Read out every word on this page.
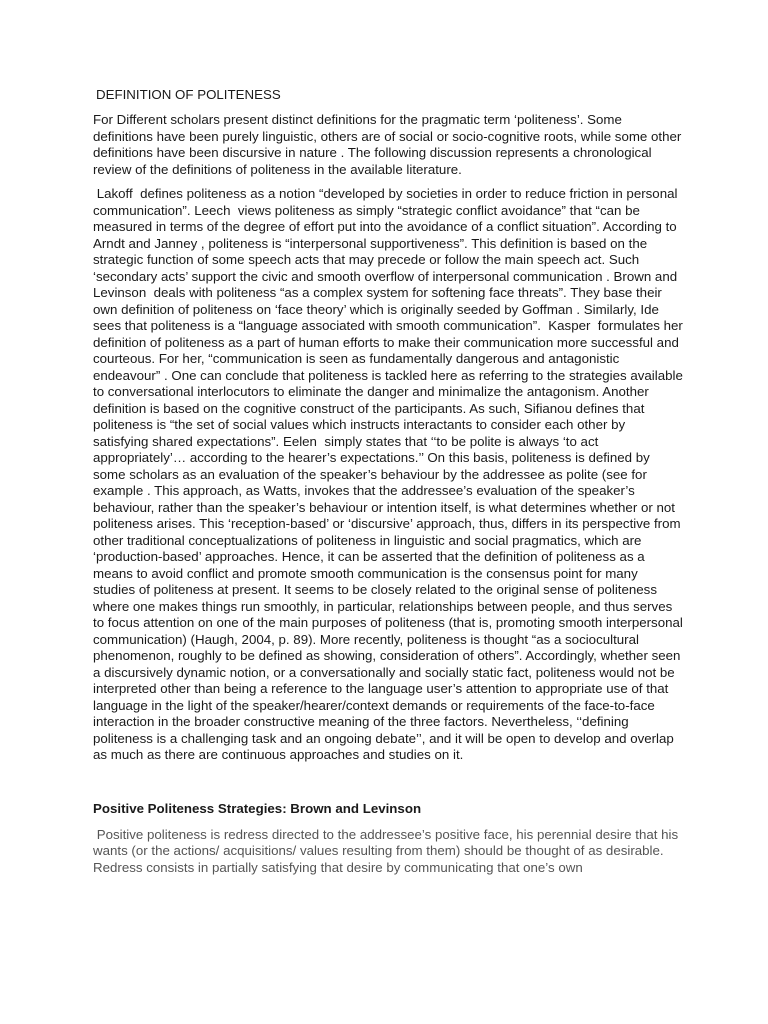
DEFINITION OF POLITENESS

For Different scholars present distinct definitions for the pragmatic term ‘politeness’. Some definitions have been purely linguistic, others are of social or socio-cognitive roots, while some other definitions have been discursive in nature . The following discussion represents a chronological review of the definitions of politeness in the available literature.

Lakoff  defines politeness as a notion “developed by societies in order to reduce friction in personal communication”. Leech  views politeness as simply “strategic conflict avoidance” that “can be measured in terms of the degree of effort put into the avoidance of a conflict situation”. According to Arndt and Janney , politeness is “interpersonal supportiveness”. This definition is based on the strategic function of some speech acts that may precede or follow the main speech act. Such ‘secondary acts’ support the civic and smooth overflow of interpersonal communication . Brown and Levinson  deals with politeness “as a complex system for softening face threats”. They base their own definition of politeness on ‘face theory’ which is originally seeded by Goffman . Similarly, Ide  sees that politeness is a “language associated with smooth communication”.  Kasper  formulates her definition of politeness as a part of human efforts to make their communication more successful and courteous. For her, “communication is seen as fundamentally dangerous and antagonistic endeavour” . One can conclude that politeness is tackled here as referring to the strategies available to conversational interlocutors to eliminate the danger and minimalize the antagonism. Another definition is based on the cognitive construct of the participants. As such, Sifianou defines that politeness is “the set of social values which instructs interactants to consider each other by satisfying shared expectations”. Eelen  simply states that ‘‘to be polite is always ‘to act appropriately’… according to the hearer’s expectations.’’ On this basis, politeness is defined by some scholars as an evaluation of the speaker’s behaviour by the addressee as polite (see for example . This approach, as Watts, invokes that the addressee’s evaluation of the speaker’s behaviour, rather than the speaker’s behaviour or intention itself, is what determines whether or not politeness arises. This ‘reception-based’ or ‘discursive’ approach, thus, differs in its perspective from other traditional conceptualizations of politeness in linguistic and social pragmatics, which are ‘production-based’ approaches. Hence, it can be asserted that the definition of politeness as a means to avoid conflict and promote smooth communication is the consensus point for many studies of politeness at present. It seems to be closely related to the original sense of politeness where one makes things run smoothly, in particular, relationships between people, and thus serves to focus attention on one of the main purposes of politeness (that is, promoting smooth interpersonal communication) (Haugh, 2004, p. 89). More recently, politeness is thought “as a sociocultural phenomenon, roughly to be defined as showing, consideration of others”. Accordingly, whether seen a discursively dynamic notion, or a conversationally and socially static fact, politeness would not be interpreted other than being a reference to the language user’s attention to appropriate use of that language in the light of the speaker/hearer/context demands or requirements of the face-to-face interaction in the broader constructive meaning of the three factors. Nevertheless, ‘‘defining politeness is a challenging task and an ongoing debate’’, and it will be open to develop and overlap as much as there are continuous approaches and studies on it.

Positive Politeness Strategies: Brown and Levinson

Positive politeness is redress directed to the addressee’s positive face, his perennial desire that his wants (or the actions/ acquisitions/ values resulting from them) should be thought of as desirable. Redress consists in partially satisfying that desire by communicating that one’s own
